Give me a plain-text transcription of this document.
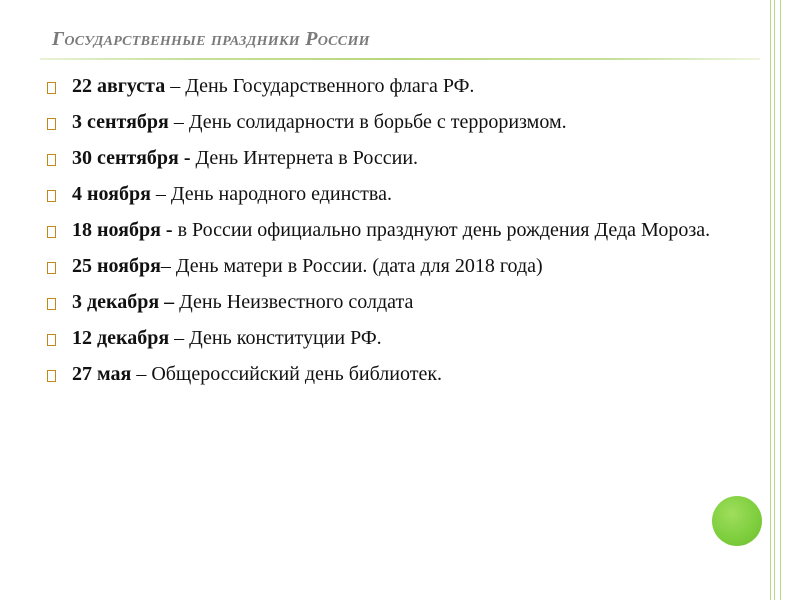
Государственные праздники России
22 августа – День Государственного флага РФ.
3 сентября – День солидарности в борьбе с терроризмом.
30 сентября - День Интернета в России.
4 ноября – День народного единства.
18 ноября - в России официально празднуют день рождения Деда Мороза.
25 ноября– День матери в России. (дата для 2018 года)
3 декабря – День Неизвестного солдата
12 декабря – День конституции РФ.
27 мая – Общероссийский день библиотек.
